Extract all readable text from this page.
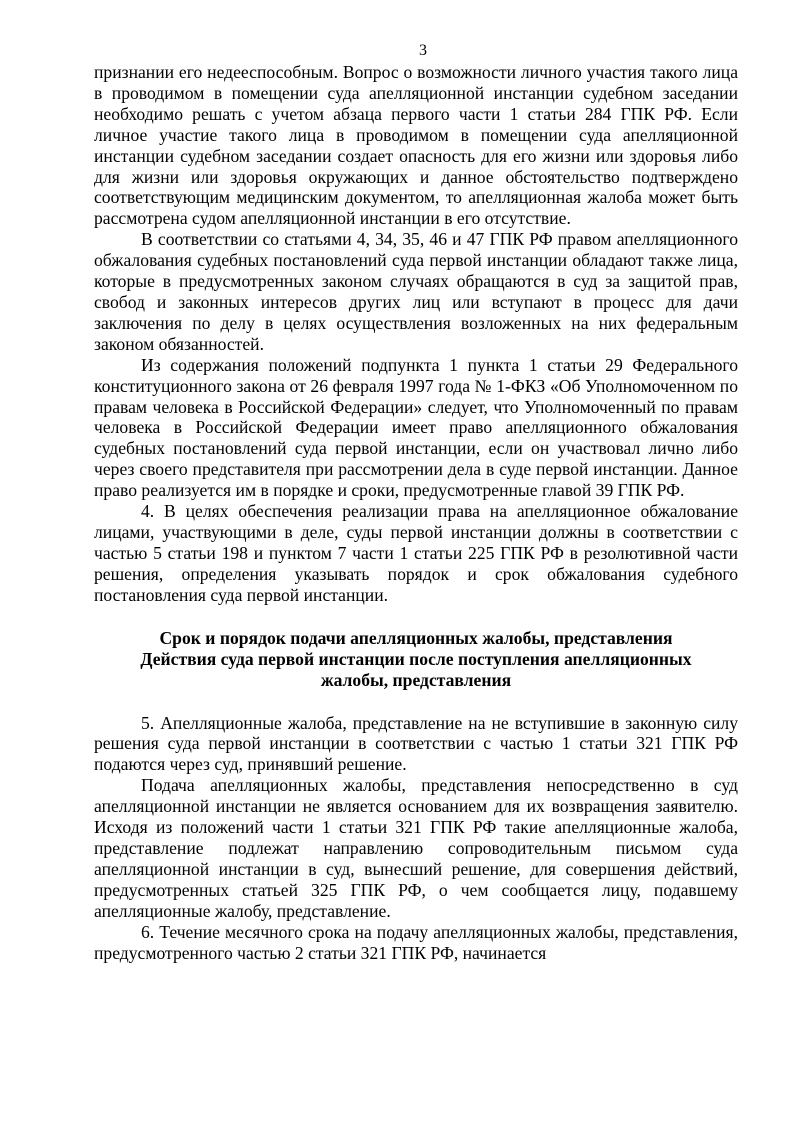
3

признании его недееспособным. Вопрос о возможности личного участия такого лица в проводимом в помещении суда апелляционной инстанции судебном заседании необходимо решать с учетом абзаца первого части 1 статьи 284 ГПК РФ. Если личное участие такого лица в проводимом в помещении суда апелляционной инстанции судебном заседании создает опасность для его жизни или здоровья либо для жизни или здоровья окружающих и данное обстоятельство подтверждено соответствующим медицинским документом, то апелляционная жалоба может быть рассмотрена судом апелляционной инстанции в его отсутствие.

В соответствии со статьями 4, 34, 35, 46 и 47 ГПК РФ правом апелляционного обжалования судебных постановлений суда первой инстанции обладают также лица, которые в предусмотренных законом случаях обращаются в суд за защитой прав, свобод и законных интересов других лиц или вступают в процесс для дачи заключения по делу в целях осуществления возложенных на них федеральным законом обязанностей.

Из содержания положений подпункта 1 пункта 1 статьи 29 Федерального конституционного закона от 26 февраля 1997 года № 1-ФКЗ «Об Уполномоченном по правам человека в Российской Федерации» следует, что Уполномоченный по правам человека в Российской Федерации имеет право апелляционного обжалования судебных постановлений суда первой инстанции, если он участвовал лично либо через своего представителя при рассмотрении дела в суде первой инстанции. Данное право реализуется им в порядке и сроки, предусмотренные главой 39 ГПК РФ.

4. В целях обеспечения реализации права на апелляционное обжалование лицами, участвующими в деле, суды первой инстанции должны в соответствии с частью 5 статьи 198 и пунктом 7 части 1 статьи 225 ГПК РФ в резолютивной части решения, определения указывать порядок и срок обжалования судебного постановления суда первой инстанции.

Срок и порядок подачи апелляционных жалобы, представления

Действия суда первой инстанции после поступления апелляционных жалобы, представления

5. Апелляционные жалоба, представление на не вступившие в законную силу решения суда первой инстанции в соответствии с частью 1 статьи 321 ГПК РФ подаются через суд, принявший решение.

Подача апелляционных жалобы, представления непосредственно в суд апелляционной инстанции не является основанием для их возвращения заявителю. Исходя из положений части 1 статьи 321 ГПК РФ такие апелляционные жалоба, представление подлежат направлению сопроводительным письмом суда апелляционной инстанции в суд, вынесший решение, для совершения действий, предусмотренных статьей 325 ГПК РФ, о чем сообщается лицу, подавшему апелляционные жалобу, представление.

6. Течение месячного срока на подачу апелляционных жалобы, представления, предусмотренного частью 2 статьи 321 ГПК РФ, начинается
